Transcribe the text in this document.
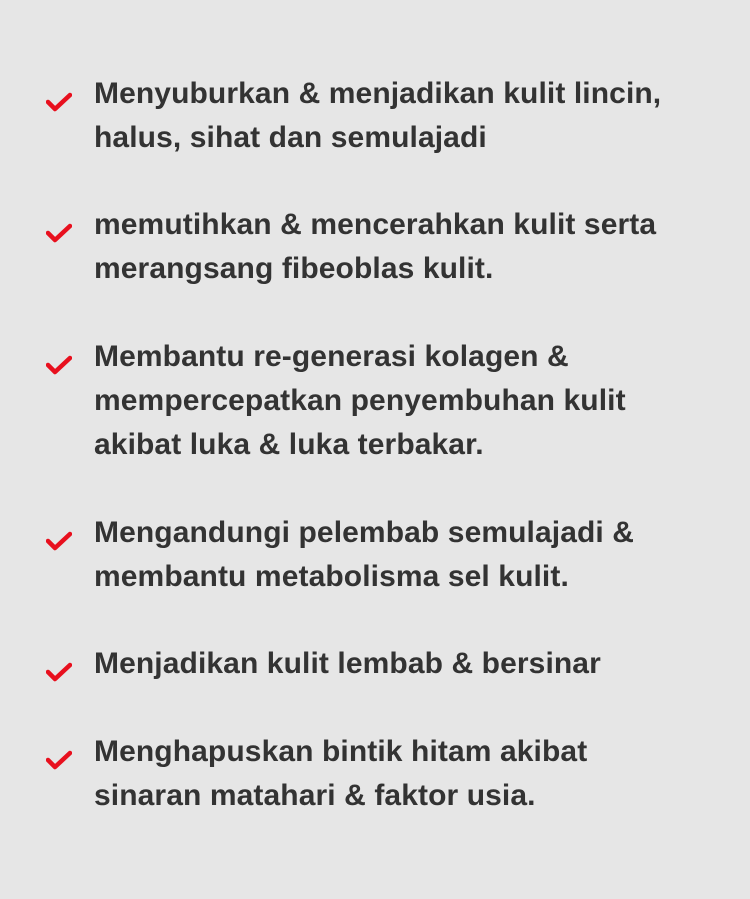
Menyuburkan & menjadikan kulit lincin,
halus, sihat dan semulajadi

memutihkan & mencerahkan kulit serta
merangsang fibeoblas kulit.

Membantu re-generasi kolagen &
mempercepatkan penyembuhan kulit
akibat luka & luka terbakar.

Mengandungi pelembab semulajadi &
membantu metabolisma sel kulit.

Menjadikan kulit lembab & bersinar

Menghapuskan bintik hitam akibat
sinaran matahari & faktor usia.
